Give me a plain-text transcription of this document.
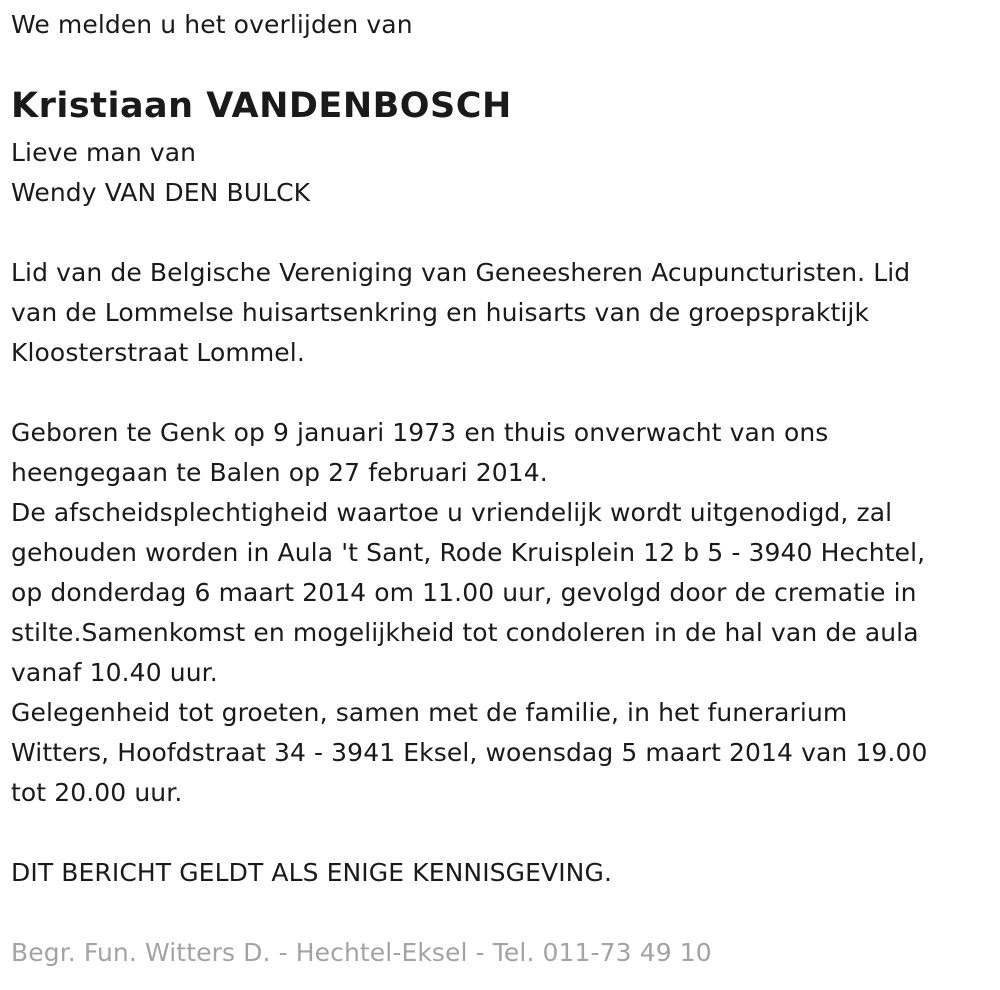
We melden u het overlijden van
Kristiaan VANDENBOSCH
Lieve man van
Wendy VAN DEN BULCK
Lid van de Belgische Vereniging van Geneesheren Acupuncturisten. Lid
van de Lommelse huisartsenkring en huisarts van de groepspraktijk
Kloosterstraat Lommel.
Geboren te Genk op 9 januari 1973 en thuis onverwacht van ons
heengegaan te Balen op 27 februari 2014.
De afscheidsplechtigheid waartoe u vriendelijk wordt uitgenodigd, zal
gehouden worden in Aula 't Sant, Rode Kruisplein 12 b 5 - 3940 Hechtel,
op donderdag 6 maart 2014 om 11.00 uur, gevolgd door de crematie in
stilte.Samenkomst en mogelijkheid tot condoleren in de hal van de aula
vanaf 10.40 uur.
Gelegenheid tot groeten, samen met de familie, in het funerarium
Witters, Hoofdstraat 34 - 3941 Eksel, woensdag 5 maart 2014 van 19.00
tot 20.00 uur.
DIT BERICHT GELDT ALS ENIGE KENNISGEVING.
Begr. Fun. Witters D. - Hechtel-Eksel - Tel. 011-73 49 10
